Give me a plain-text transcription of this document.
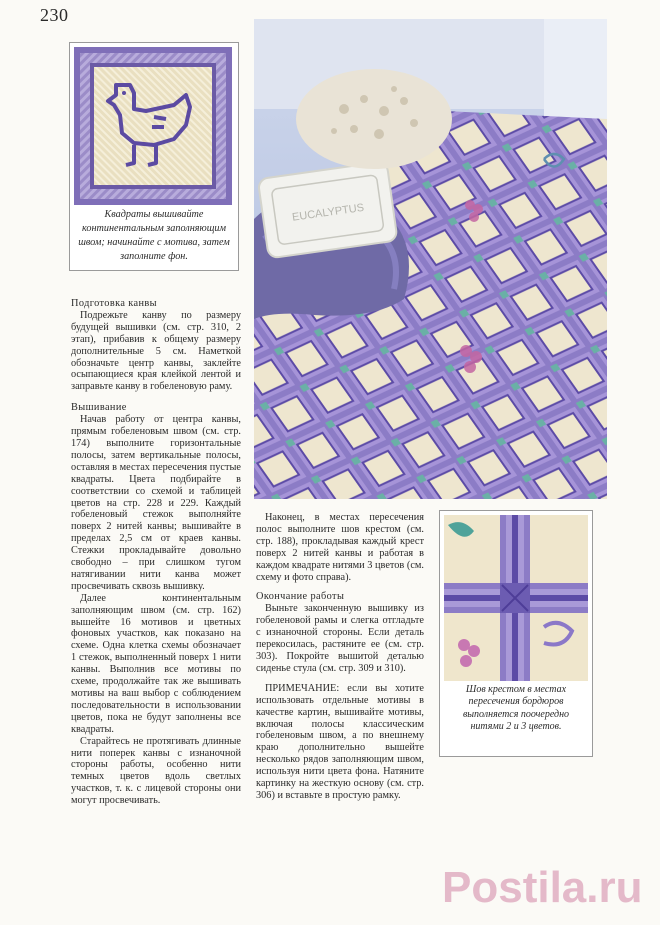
230
Квадраты вышивайте континентальным заполняющим швом; начинайте с мотива, затем заполните фон.
EUCALYPTUS
Подготовка канвы

Подрежьте канву по размеру будущей вышивки (см. стр. 310, 2 этап), прибавив к общему размеру дополнительные 5 см. Наметкой обозначьте центр канвы, заклейте осыпающиеся края клейкой лентой и заправьте канву в гобеленовую раму.

Вышивание

Начав работу от центра канвы, прямым гобеленовым швом (см. стр. 174) выполните горизонтальные полосы, затем вертикальные полосы, оставляя в местах пересечения пустые квадраты. Цвета подбирайте в соответствии со схемой и таблицей цветов на стр. 228 и 229. Каждый гобеленовый стежок выполняйте поверх 2 нитей канвы; вышивайте в пределах 2,5 см от краев канвы. Стежки прокладывайте довольно свободно – при слишком тугом натягивании нити канва может просвечивать сквозь вышивку.

Далее континентальным заполняющим швом (см. стр. 162) вышейте 16 мотивов и цветных фоновых участков, как показано на схеме. Одна клетка схемы обозначает 1 стежок, выполненный поверх 1 нити канвы. Выполнив все мотивы по схеме, продолжайте так же вышивать мотивы на ваш выбор с соблюдением последовательности в использовании цветов, пока не будут заполнены все квадраты.

Старайтесь не протягивать длинные нити поперек канвы с изнаночной стороны работы, особенно нити темных цветов вдоль светлых участков, т. к. с лицевой стороны они могут просвечивать.

Наконец, в местах пересечения полос выполните шов крестом (см. стр. 188), прокладывая каждый крест поверх 2 нитей канвы и работая в каждом квадрате нитями 3 цветов (см. схему и фото справа).

Окончание работы

Выньте законченную вышивку из гобеленовой рамы и слегка отгладьте с изнаночной стороны. Если деталь перекосилась, растяните ее (см. стр. 303). Покройте вышитой деталью сиденье стула (см. стр. 309 и 310).

ПРИМЕЧАНИЕ: если вы хотите использовать отдельные мотивы в качестве картин, вышивайте мотивы, включая полосы классическим гобеленовым швом, а по внешнему краю дополнительно вышейте несколько рядов заполняющим швом, используя нити цвета фона. Натяните картинку на жесткую основу (см. стр. 306) и вставьте в простую рамку.

Шов крестом в местах пересечения бордюров выполняется поочередно нитями 2 и 3 цветов.
Postila.ru
